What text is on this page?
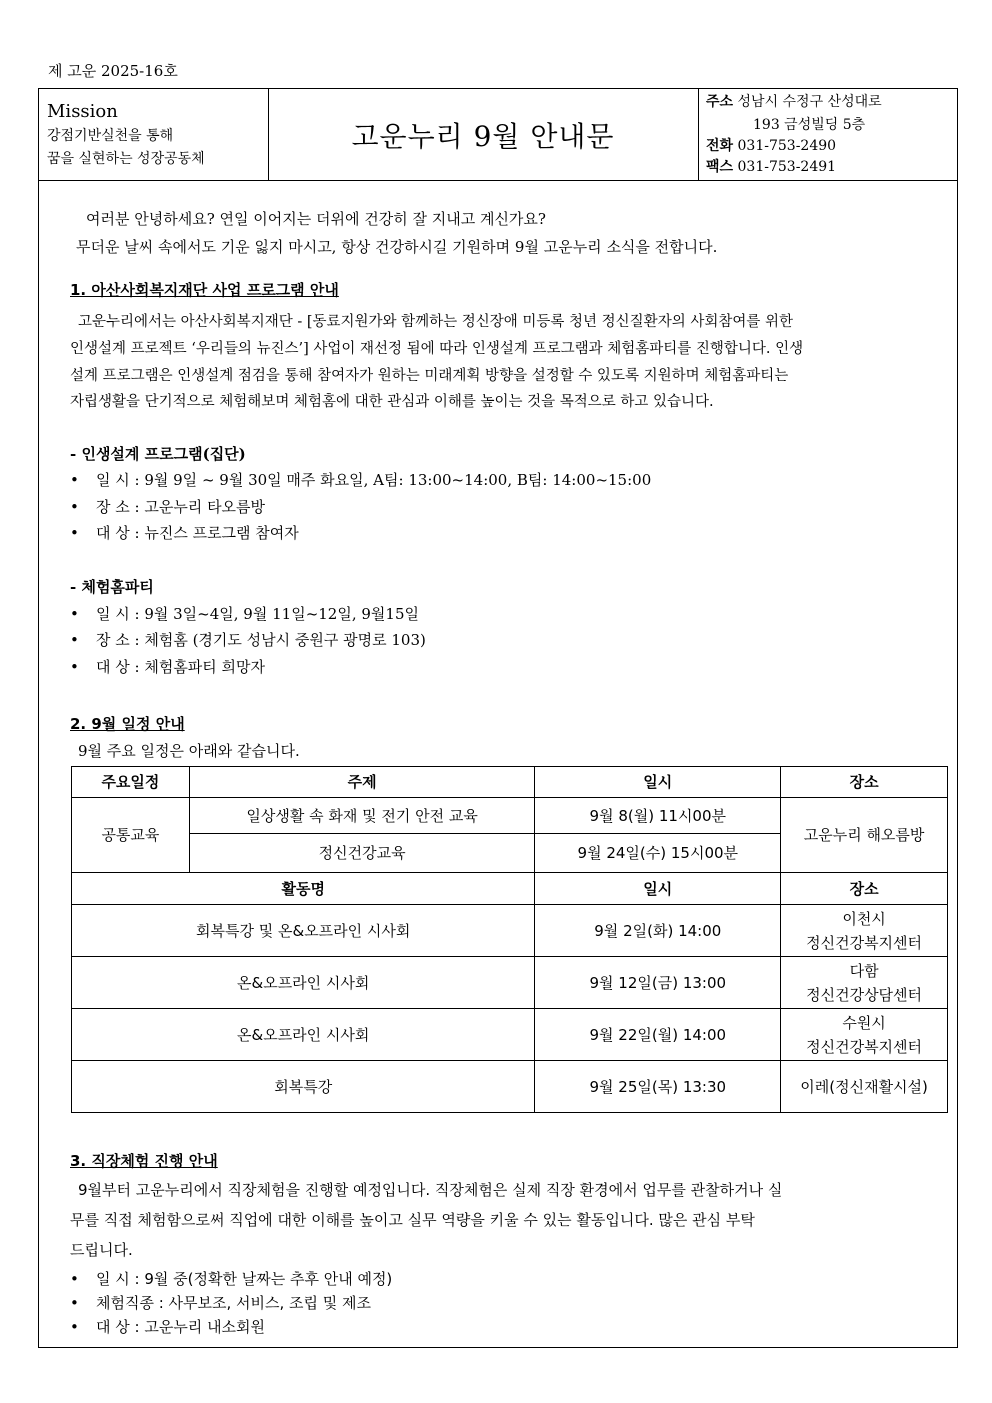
제 고운 2025-16호
Mission
강점기반실천을 통해
꿈을 실현하는 성장공동체
고운누리 9월 안내문
주소 성남시 수정구 산성대로
193 금성빌딩 5층
전화 031-753-2490
팩스 031-753-2491
여러분 안녕하세요? 연일 이어지는 더위에 건강히 잘 지내고 계신가요?
무더운 날씨 속에서도 기운 잃지 마시고, 항상 건강하시길 기원하며 9월 고운누리 소식을 전합니다.
1. 아산사회복지재단 사업 프로그램 안내
고운누리에서는 아산사회복지재단 - [동료지원가와 함께하는 정신장애 미등록 청년 정신질환자의 사회참여를 위한
인생설계 프로젝트 ‘우리들의 뉴진스’] 사업이 재선정 됨에 따라 인생설계 프로그램과 체험홈파티를 진행합니다. 인생
설계 프로그램은 인생설계 점검을 통해 참여자가 원하는 미래계획 방향을 설정할 수 있도록 지원하며 체험홈파티는
자립생활을 단기적으로 체험해보며 체험홈에 대한 관심과 이해를 높이는 것을 목적으로 하고 있습니다.
- 인생설계 프로그램(집단)
• 일 시 : 9월 9일 ~ 9월 30일 매주 화요일, A팀: 13:00~14:00, B팀: 14:00~15:00
• 장 소 : 고운누리 타오름방
• 대 상 : 뉴진스 프로그램 참여자
- 체험홈파티
• 일 시 : 9월 3일~4일, 9월 11일~12일, 9월15일
• 장 소 : 체험홈 (경기도 성남시 중원구 광명로 103)
• 대 상 : 체험홈파티 희망자
2. 9월 일정 안내
9월 주요 일정은 아래와 같습니다.
주요일정	주제	일시	장소
공통교육	일상생활 속 화재 및 전기 안전 교육	9월 8(월) 11시00분	고운누리 해오름방
	정신건강교육	9월 24일(수) 15시00분	
활동명		일시	장소
회복특강 및 온&오프라인 시사회		9월 2일(화) 14:00	이천시
정신건강복지센터

온&오프라인 시사회		9월 12일(금) 13:00	다함
정신건강상담센터

온&오프라인 시사회		9월 22일(월) 14:00	수원시
정신건강복지센터

회복특강		9월 25일(목) 13:30	이레(정신재활시설)
3. 직장체험 진행 안내
9월부터 고운누리에서 직장체험을 진행할 예정입니다. 직장체험은 실제 직장 환경에서 업무를 관찰하거나 실
무를 직접 체험함으로써 직업에 대한 이해를 높이고 실무 역량을 키울 수 있는 활동입니다. 많은 관심 부탁
드립니다.
• 일 시 : 9월 중(정확한 날짜는 추후 안내 예정)
• 체험직종 : 사무보조, 서비스, 조립 및 제조
• 대 상 : 고운누리 내소회원
